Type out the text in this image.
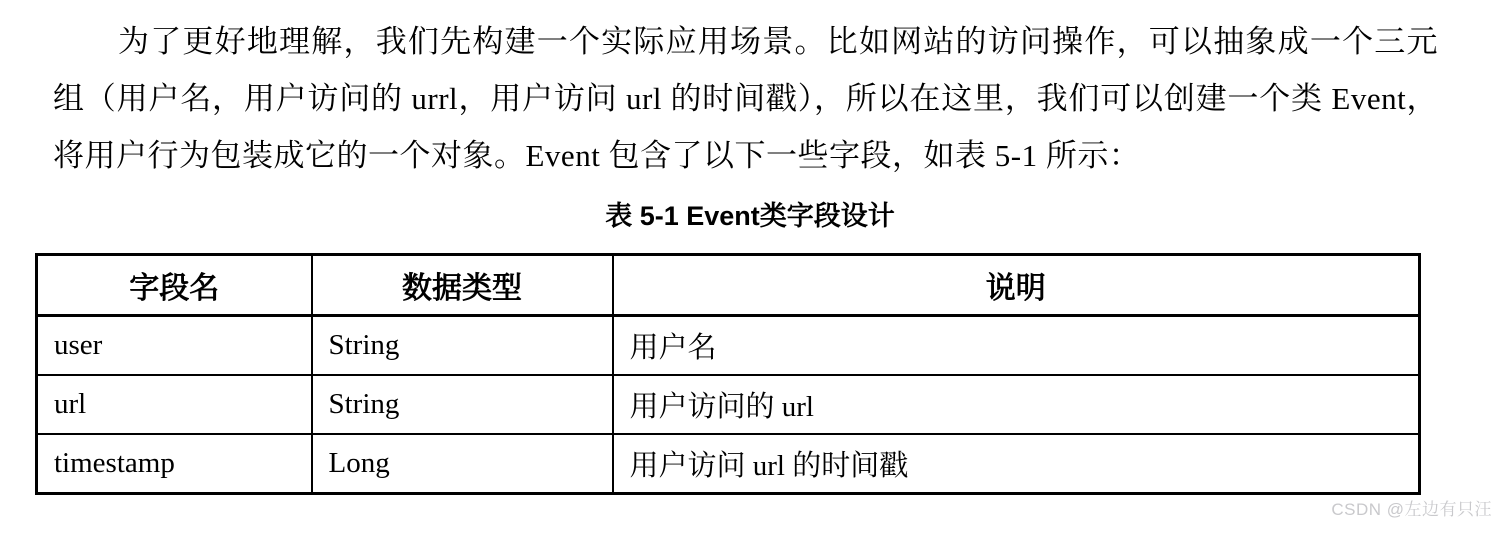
为了更好地理解，我们先构建一个实际应用场景。比如网站的访问操作，可以抽象成一个三元组（用户名，用户访问的 urrl，用户访问 url 的时间戳），所以在这里，我们可以创建一个类 Event，将用户行为包装成它的一个对象。Event 包含了以下一些字段，如表 5-1 所示：

表 5-1 Event类字段设计
字段名	数据类型	说明
user	String	用户名
url	String	用户访问的 url
timestamp	Long	用户访问 url 的时间戳
CSDN @左边有只汪
